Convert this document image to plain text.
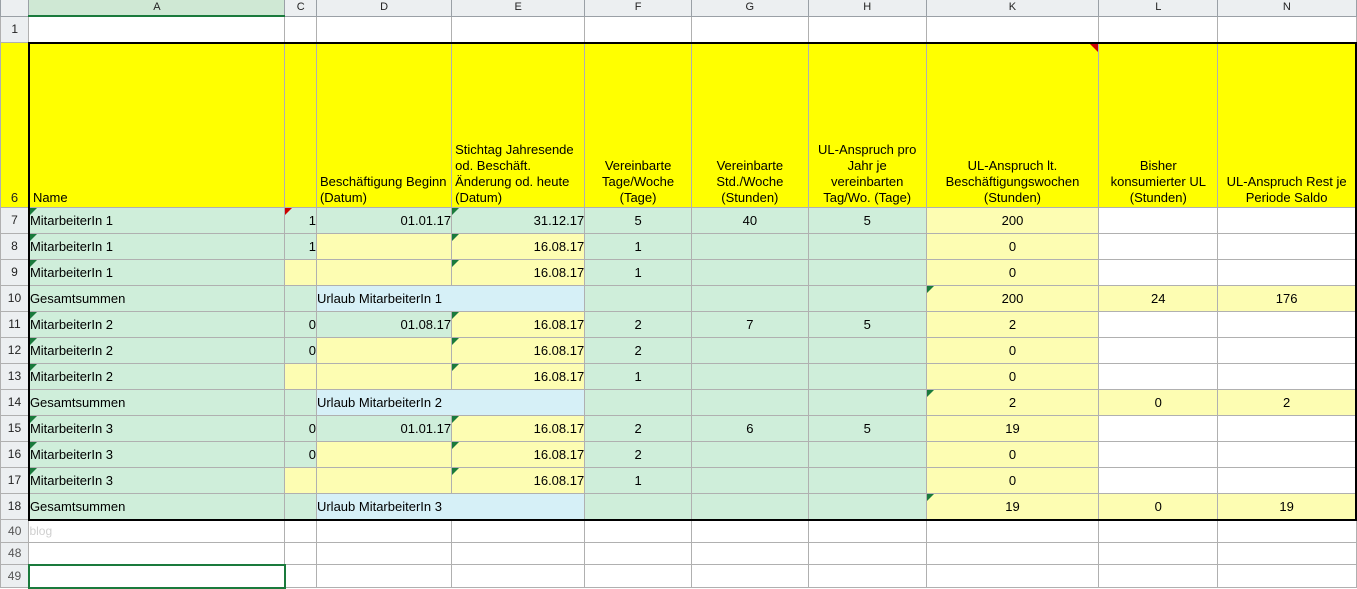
	A	C	D	E	F	G	H	K	L	N
1										
6	Name		Beschäftigung Beginn (Datum)	Stichtag Jahresende od. Beschäft. Änderung od. heute (Datum)	Vereinbarte Tage/Woche (Tage)	Vereinbarte Std./Woche (Stunden)	UL-Anspruch pro Jahr je vereinbarten Tag/Wo. (Tage)	UL-Anspruch lt. Beschäftigungswochen (Stunden)	Bisher konsumierter UL (Stunden)	UL-Anspruch Rest je Periode Saldo
7	MitarbeiterIn 1	1	01.01.17	31.12.17	5	40	5	200		
8	MitarbeiterIn 1	1		16.08.17	1			0		
9	MitarbeiterIn 1			16.08.17	1			0		
10	Gesamtsummen		Urlaub MitarbeiterIn 1					200	24	176
11	MitarbeiterIn 2	0	01.08.17	16.08.17	2	7	5	2		
12	MitarbeiterIn 2	0		16.08.17	2			0		
13	MitarbeiterIn 2			16.08.17	1			0		
14	Gesamtsummen		Urlaub MitarbeiterIn 2					2	0	2
15	MitarbeiterIn 3	0	01.01.17	16.08.17	2	6	5	19		
16	MitarbeiterIn 3	0		16.08.17	2			0		
17	MitarbeiterIn 3			16.08.17	1			0		
18	Gesamtsummen		Urlaub MitarbeiterIn 3					19	0	19
40	blog									
48										
49										
